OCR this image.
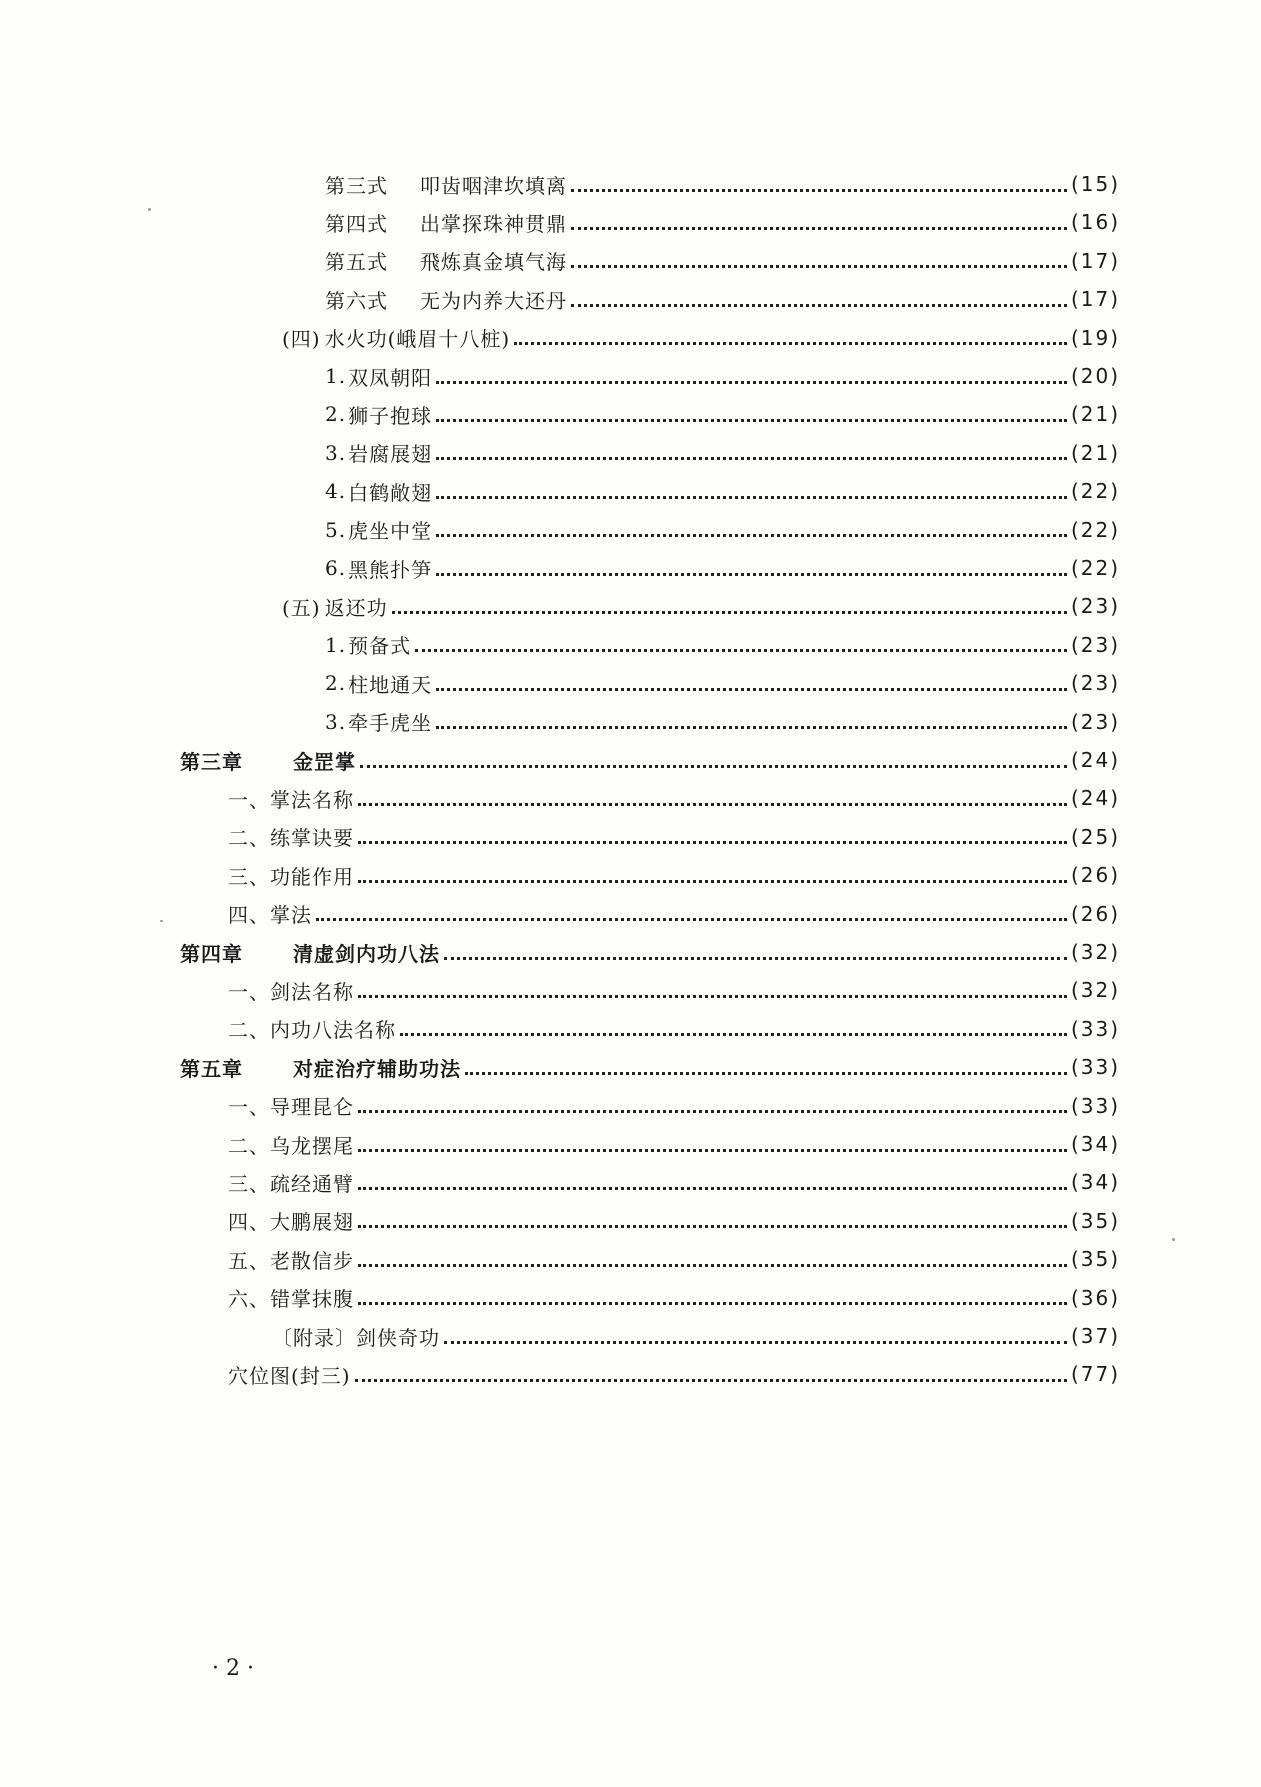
第三式 叩齿咽津坎填离	(15)
第四式 出掌探珠神贯鼎	(16)
第五式 飛炼真金填气海	(17)
第六式 无为内养大还丹	(17)
(四) 水火功(峨眉十八桩)	(19)
1. 双凤朝阳	(20)
2. 狮子抱球	(21)
3. 岩腐展翅	(21)
4. 白鹤敞翅	(22)
5. 虎坐中堂	(22)
6. 黑熊扑笋	(22)
(五) 返还功	(23)
1. 预备式	(23)
2. 柱地通天	(23)
3. 牵手虎坐	(23)
第三章	金罡掌	(24)
一、 掌法名称	(24)
二、 练掌诀要	(25)
三、 功能作用	(26)
四、 掌法	(26)
第四章	清虚剑内功八法	(32)
一、 剑法名称	(32)
二、 内功八法名称	(33)
第五章	对症治疗辅助功法	(33)
一、 导理昆仑	(33)
二、 乌龙摆尾	(34)
三、 疏经通臂	(34)
四、 大鹏展翅	(35)
五、 老散信步	(35)
六、 错掌抹腹	(36)
〔附录〕 剑侠奇功	(37)
穴位图(封三)	(77)
· 2 ·
